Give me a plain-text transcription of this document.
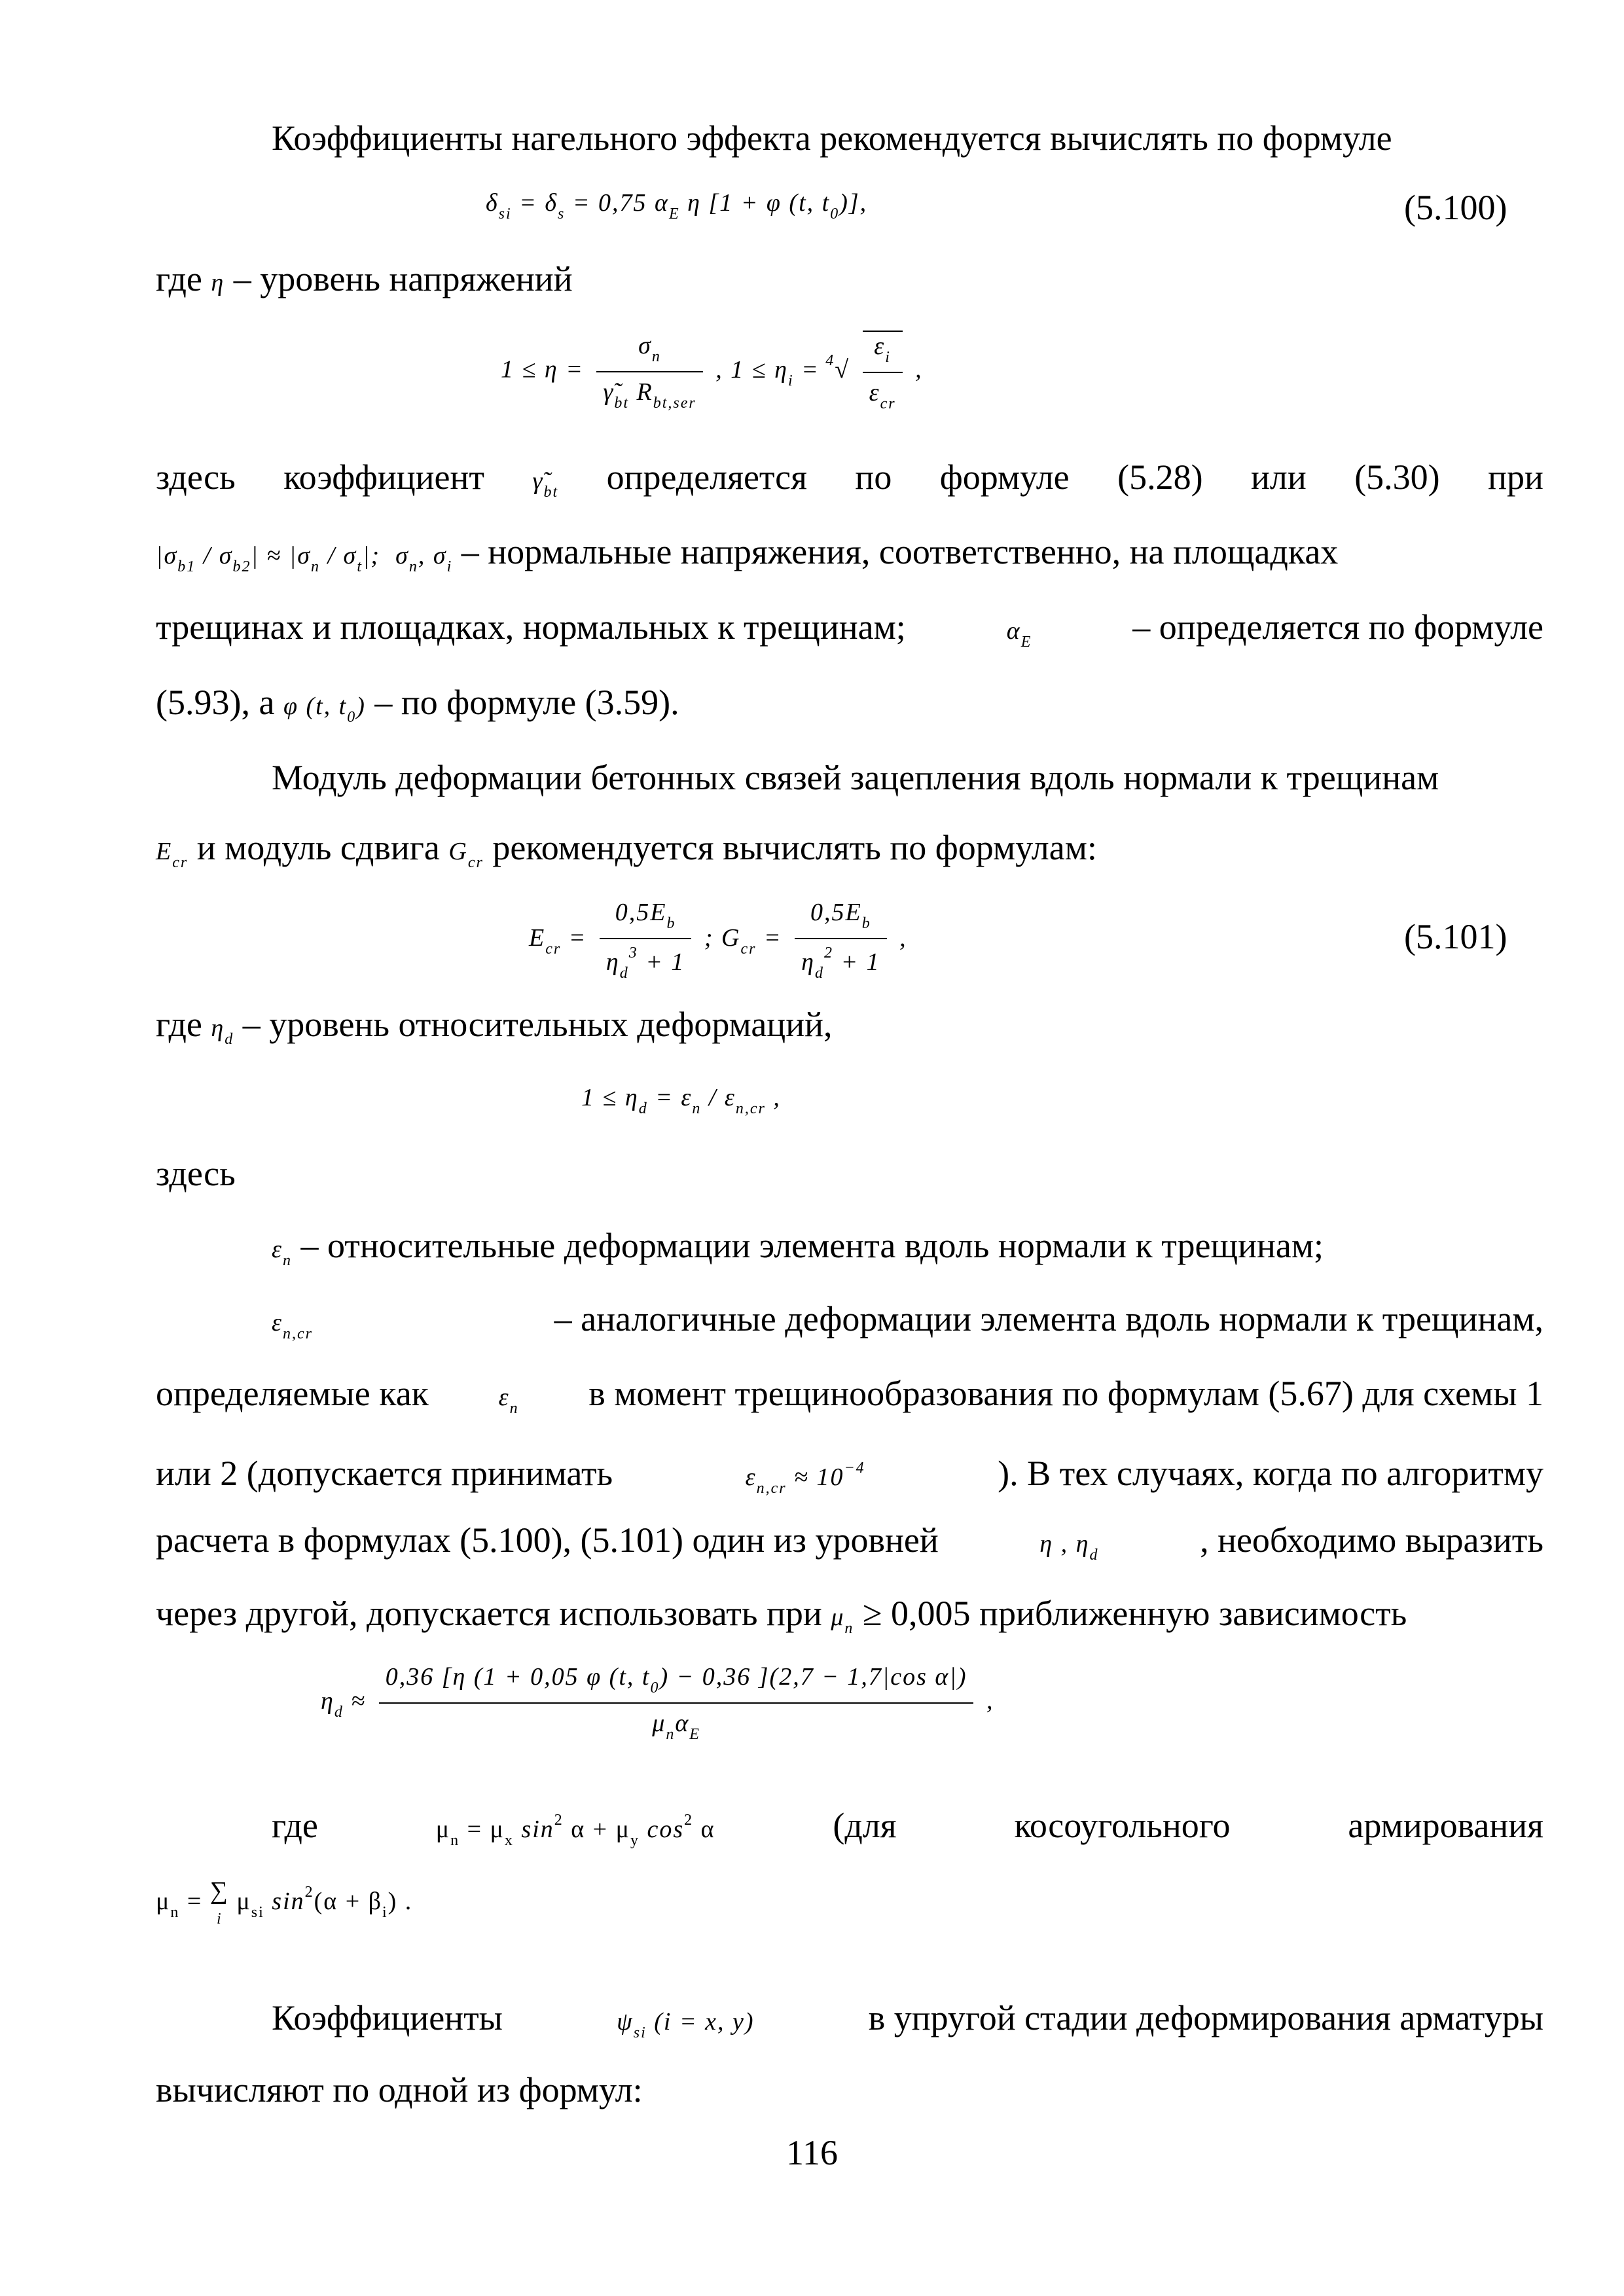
Коэффициенты нагельного эффекта рекомендуется вычислять по формуле
$\delta_{si} = \delta_s = 0,75$ $\alpha_E$ η [1 + φ (t, $t_0$)],	(5.100)
где η – уровень напряжений
$1 \le \eta = \frac{\sigma_n}{\gammã_{bt} R_{bt,ser}}$ , $1 \le \eta_i = ^4√ \frac{\varepsilon_i}{\varepsilon_{cr}}$ ,
здесь коэффициент $\gammã_{bt}$ определяется по формуле (5.28) или (5.30) при
$|\sigma_{b1} / \sigma_{b2}| \approx |\sigma_n / \sigma_t|$;  $\sigma_n$, $\sigma_i$ – нормальные напряжения, соответственно, на площадках
трещинах и площадках, нормальных к трещинам;	$\alpha_E$	– определяется по формуле
(5.93), а φ (t, $t_0$) – по формуле (3.59).
Модуль деформации бетонных связей зацепления вдоль нормали к трещинам
$E_{cr}$ и модуль сдвига $G_{cr}$ рекомендуется вычислять по формулам:
$E_{cr} = \frac{0,5E_b}{\eta_d^3 + 1}$ ; $G_{cr} = \frac{0,5E_b}{\eta_d^2 + 1}$ ,	(5.101)
где $\eta_d$ – уровень относительных деформаций,
$1 \le \eta_d = \varepsilon_n / \varepsilon_{n,cr}$ ,
здесь
$\varepsilon_n$ – относительные деформации элемента вдоль нормали к трещинам;
$\varepsilon_{n,cr}$	– аналогичные деформации элемента вдоль нормали к трещинам,
определяемые как	$\varepsilon_n$ в момент трещинообразования по формулам (5.67) для схемы 1
или 2 (допускается принимать	$\varepsilon_{n,cr} \approx 10^{-4}$	). В тех случаях, когда по алгоритму
расчета в формулах (5.100), (5.101) один из уровней	η , $\eta_d$	, необходимо выразить
через другой, допускается использовать при $\mu_n \ge 0,005$ приближенную зависимость
$\eta_d \approx \frac{0,36 [\eta (1 + 0,05 \varphi (t, t_0) - 0,36 ](2,7 - 1,7|\cos \alpha|)}{\mu_n\alpha_E}$ ,
где	$\mu_n = \mu_x$ $\sin^2 \alpha + \mu_y$ $\cos^2 \alpha$	(для	косоугольного	армирования
$\mu_n$ = ∑
i $\mu_{si}$ $\sin^2(\alpha + \beta_i)$ .
Коэффициенты	$\psi_{si}$ (i = x, y)	в упругой стадии деформирования арматуры
вычисляют по одной из формул:
116
